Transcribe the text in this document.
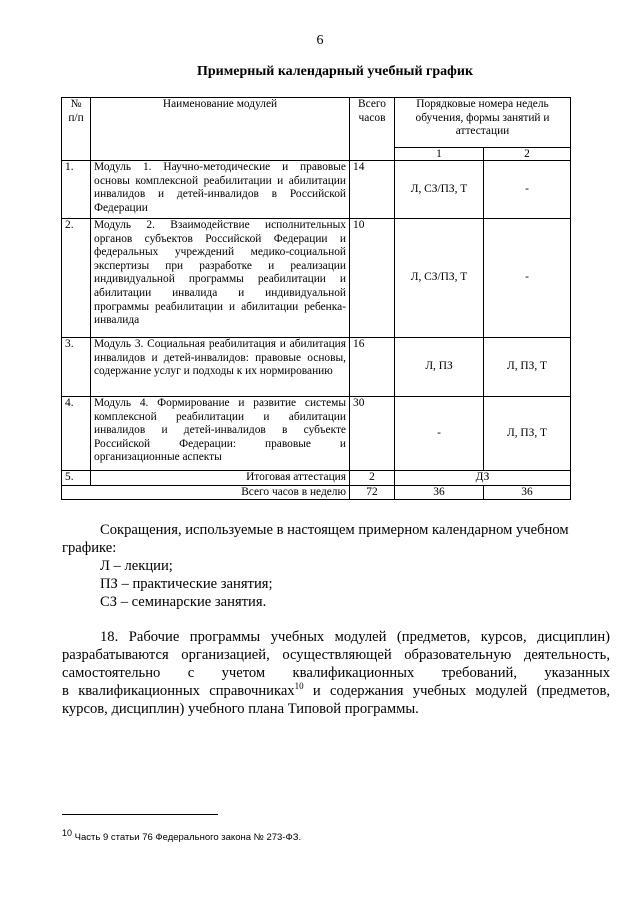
6
Примерный календарный учебный график
№ п/п	Наименование модулей	Всего часов	Порядковые номера недель обучения, формы занятий и аттестации	
			1	2
1.	Модуль 1. Научно-методические и правовые основы комплексной реабилитации и абилитации инвалидов и детей-инвалидов в Российской Федерации	14	Л, СЗ/ПЗ, Т	-
2.	Модуль 2. Взаимодействие исполнительных органов субъектов Российской Федерации и федеральных учреждений медико-социальной экспертизы при разработке и реализации индивидуальной программы реабилитации и абилитации инвалида и индивидуальной программы реабилитации и абилитации ребенка-инвалида	10	Л, СЗ/ПЗ, Т	-
3.	Модуль 3. Социальная реабилитация и абилитация инвалидов и детей-инвалидов: правовые основы, содержание услуг и подходы к их нормированию	16	Л, ПЗ	Л, ПЗ, Т
4.	Модуль 4. Формирование и развитие системы комплексной реабилитации и абилитации инвалидов и детей-инвалидов в субъекте Российской Федерации: правовые и организационные аспекты	30	-	Л, ПЗ, Т
5.	Итоговая аттестация	2	ДЗ	
Всего часов в неделю		72	36	36

Сокращения, используемые в настоящем примерном календарном учебном графике:

Л – лекции;
ПЗ – практические занятия;
СЗ – семинарские занятия.
18. Рабочие программы учебных модулей (предметов, курсов, дисциплин)
разрабатываются организацией, осуществляющей образовательную деятельность,
самостоятельно с учетом квалификационных требований, указанных
в квалификационных справочниках$^{10}$ и содержания учебных модулей (предметов,
курсов, дисциплин) учебного плана Типовой программы.
$^{10}$ Часть 9 статьи 76 Федерального закона № 273-ФЗ.
